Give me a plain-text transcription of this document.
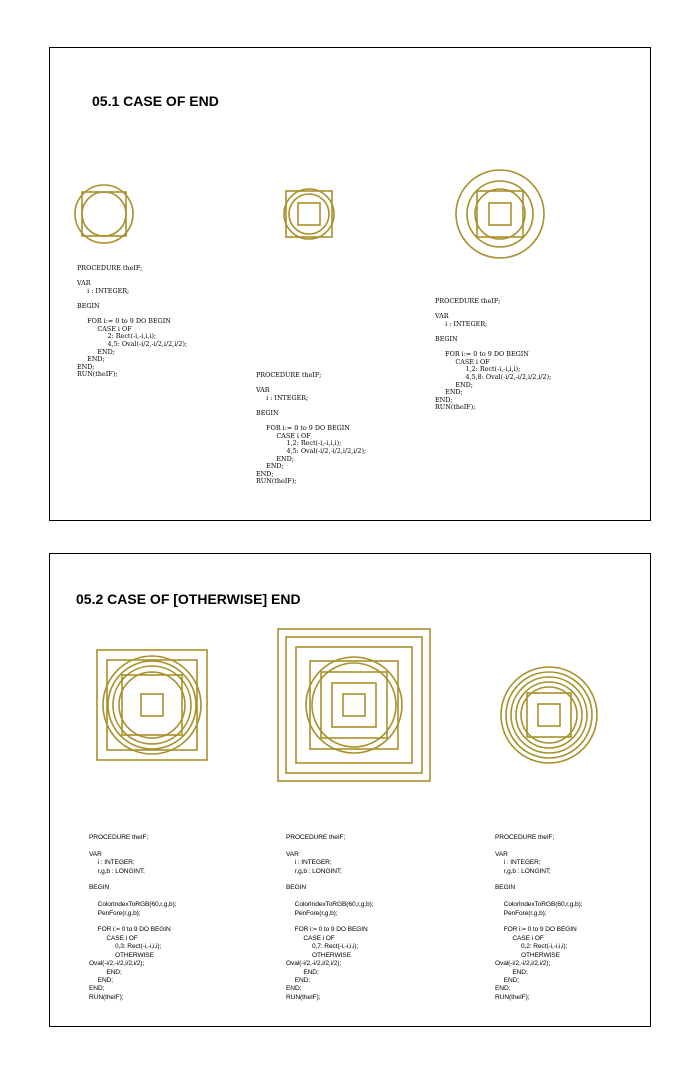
05.1 CASE OF END
PROCEDURE theIF;

VAR
i : INTEGER;

BEGIN

FOR i:= 0 to 9 DO BEGIN
CASE i OF
2: Rect(-i,-i,i,i);
4,5: Oval(-i/2,-i/2,i/2,i/2);
END;
END;
END;
RUN(theIF);	PROCEDURE theIF;

VAR
i : INTEGER;

BEGIN

FOR i:= 0 to 9 DO BEGIN
CASE i OF
1,2: Rect(-i,-i,i,i);
4,5: Oval(-i/2,-i/2,i/2,i/2);
END;
END;
END;
RUN(theIF);
PROCEDURE theIF;

VAR
i : INTEGER;

BEGIN

FOR i:= 0 to 9 DO BEGIN
CASE i OF
1,2: Rect(-i,-i,i,i);
4,5,8: Oval(-i/2,-i/2,i/2,i/2);
END;
END;
END;
RUN(theIF);
05.2 CASE OF [OTHERWISE] END
PROCEDURE theIF;

VAR
i : INTEGER;
r,g,b : LONGINT;

BEGIN

ColorIndexToRGB(60,r,g,b);
PenFore(r,g,b);

FOR i:= 0 to 9 DO BEGIN
CASE i OF
0,3: Rect(-i,-i,i,i);
OTHERWISE
Oval(-i/2,-i/2,i/2,i/2);
END;
END;
END;
RUN(theIF);
PROCEDURE theIF;

VAR
i : INTEGER;
r,g,b : LONGINT;

BEGIN

ColorIndexToRGB(60,r,g,b);
PenFore(r,g,b);

FOR i:= 0 to 9 DO BEGIN
CASE i OF
0,7: Rect(-i,-i,i,i);
OTHERWISE
Oval(-i/2,-i/2,i/2,i/2);
END;
END;
END;
RUN(theIF);
PROCEDURE theIF;

VAR
i : INTEGER;
r,g,b : LONGINT;

BEGIN

ColorIndexToRGB(60,r,g,b);
PenFore(r,g,b);

FOR i:= 0 to 9 DO BEGIN
CASE i OF
0,2: Rect(-i,-i,i,i);
OTHERWISE
Oval(-i/2,-i/2,i/2,i/2);
END;
END;
END;
RUN(theIF);
